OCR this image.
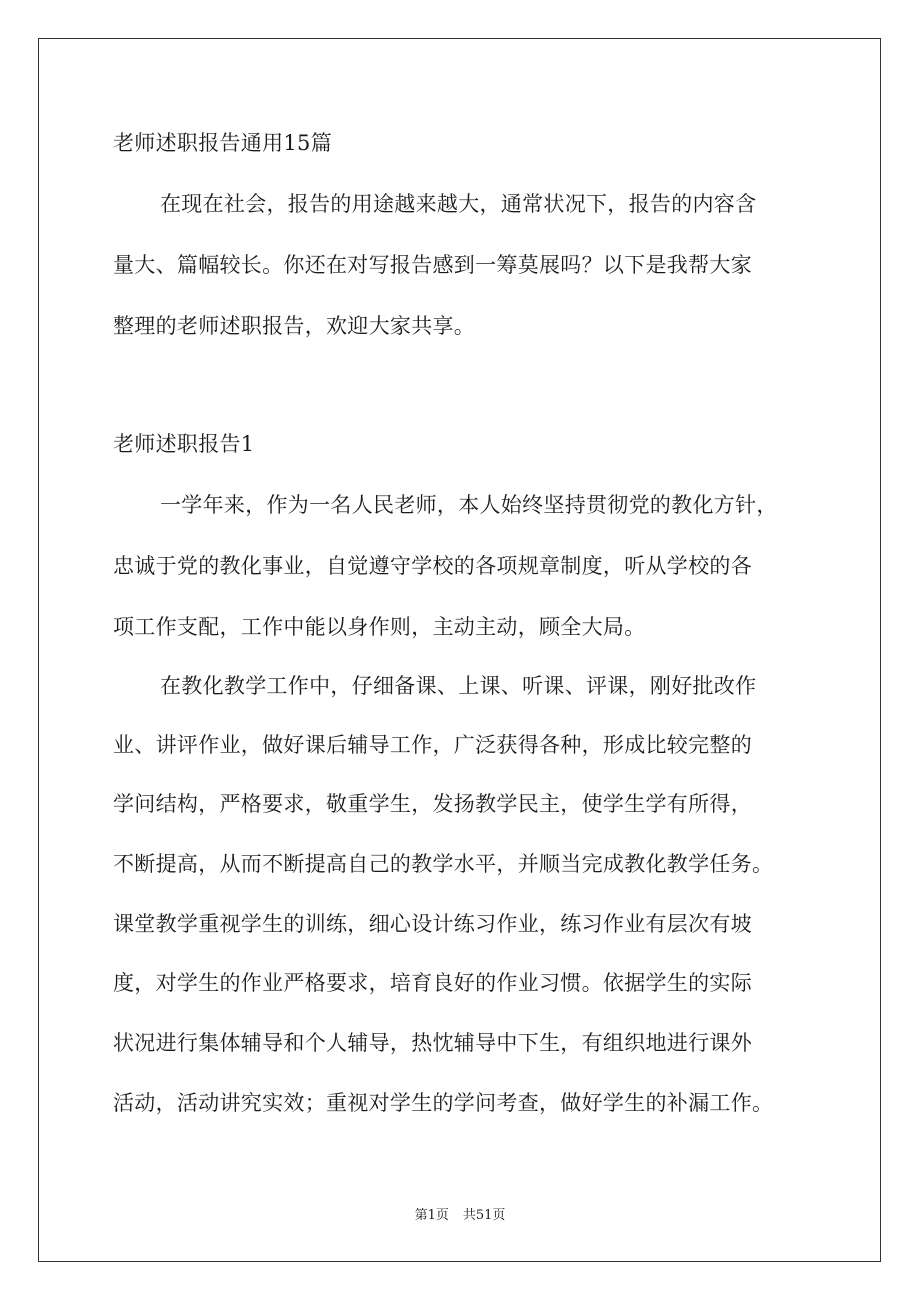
老师述职报告通用15篇
在现在社会，报告的用途越来越大，通常状况下，报告的内容含
量大、篇幅较长。你还在对写报告感到一筹莫展吗？以下是我帮大家
整理的老师述职报告，欢迎大家共享。
老师述职报告1
一学年来，作为一名人民老师，本人始终坚持贯彻党的教化方针，
忠诚于党的教化事业，自觉遵守学校的各项规章制度，听从学校的各
项工作支配，工作中能以身作则，主动主动，顾全大局。
在教化教学工作中，仔细备课、上课、听课、评课，刚好批改作
业、讲评作业，做好课后辅导工作，广泛获得各种，形成比较完整的
学问结构，严格要求，敬重学生，发扬教学民主，使学生学有所得，
不断提高，从而不断提高自己的教学水平，并顺当完成教化教学任务。
课堂教学重视学生的训练，细心设计练习作业，练习作业有层次有坡
度，对学生的作业严格要求，培育良好的作业习惯。依据学生的实际
状况进行集体辅导和个人辅导，热忱辅导中下生，有组织地进行课外
活动，活动讲究实效；重视对学生的学问考查，做好学生的补漏工作。
第1页 共51页
